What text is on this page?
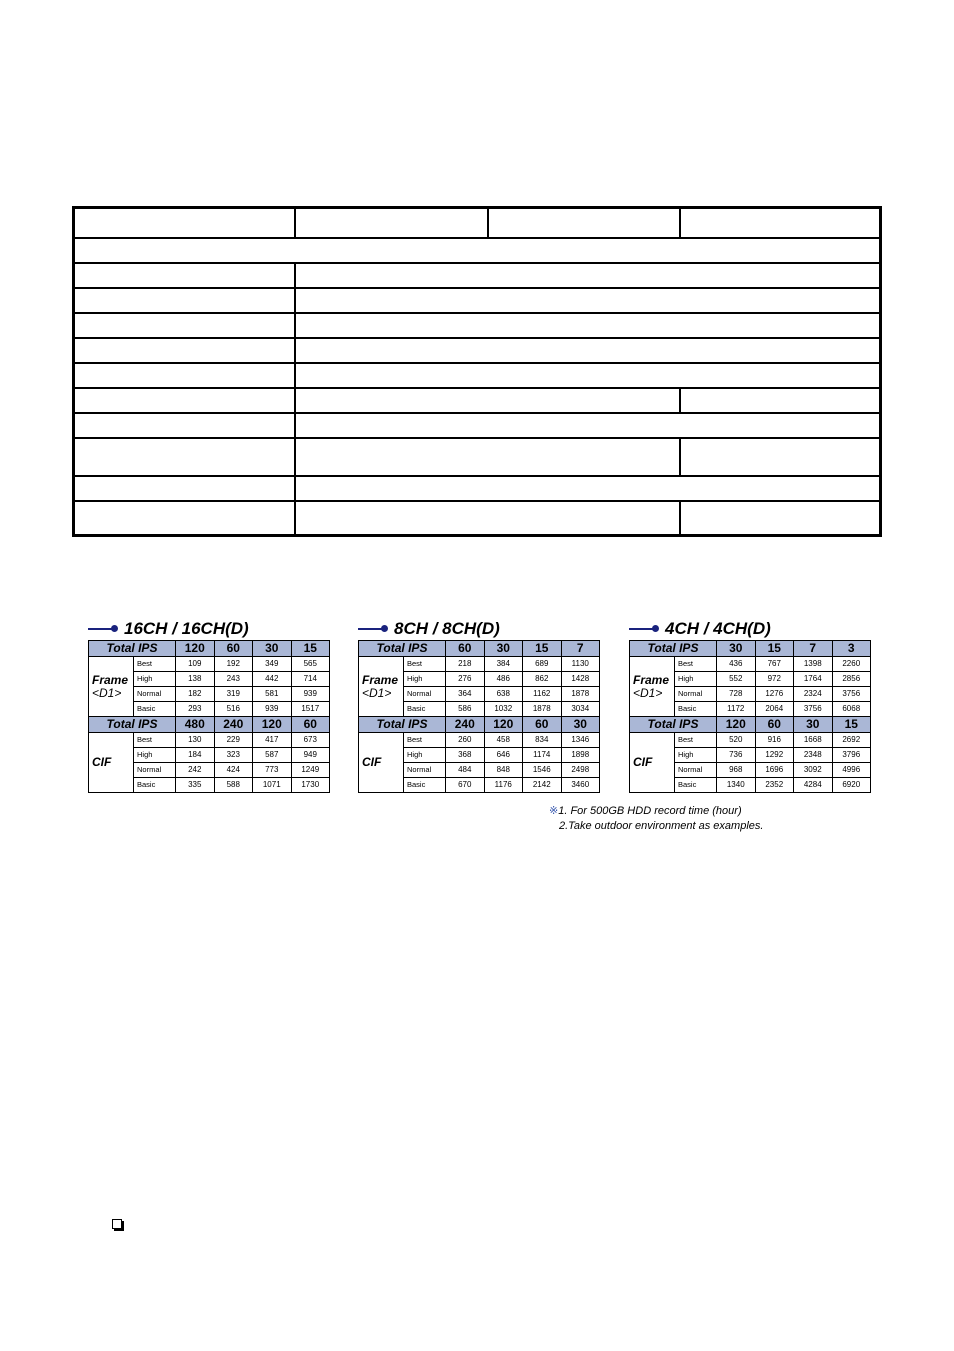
16CH / 16CH(D)
Total IPS		120	60	30	15
Frame
<D1>	Best	109	192	349	565
	High	138	243	442	714
	Normal	182	319	581	939
	Basic	293	516	939	1517
Total IPS		480	240	120	60
CIF	Best	130	229	417	673
	High	184	323	587	949
	Normal	242	424	773	1249
	Basic	335	588	1071	1730
8CH / 8CH(D)
Total IPS		60	30	15	7
Frame
<D1>	Best	218	384	689	1130
	High	276	486	862	1428
	Normal	364	638	1162	1878
	Basic	586	1032	1878	3034
Total IPS		240	120	60	30
CIF	Best	260	458	834	1346
	High	368	646	1174	1898
	Normal	484	848	1546	2498
	Basic	670	1176	2142	3460
4CH / 4CH(D)
Total IPS		30	15	7	3
Frame
<D1>	Best	436	767	1398	2260
	High	552	972	1764	2856
	Normal	728	1276	2324	3756
	Basic	1172	2064	3756	6068
Total IPS		120	60	30	15
CIF	Best	520	916	1668	2692
	High	736	1292	2348	3796
	Normal	968	1696	3092	4996
	Basic	1340	2352	4284	6920
※1. For 500GB HDD record time (hour)
2.Take outdoor environment as examples.
